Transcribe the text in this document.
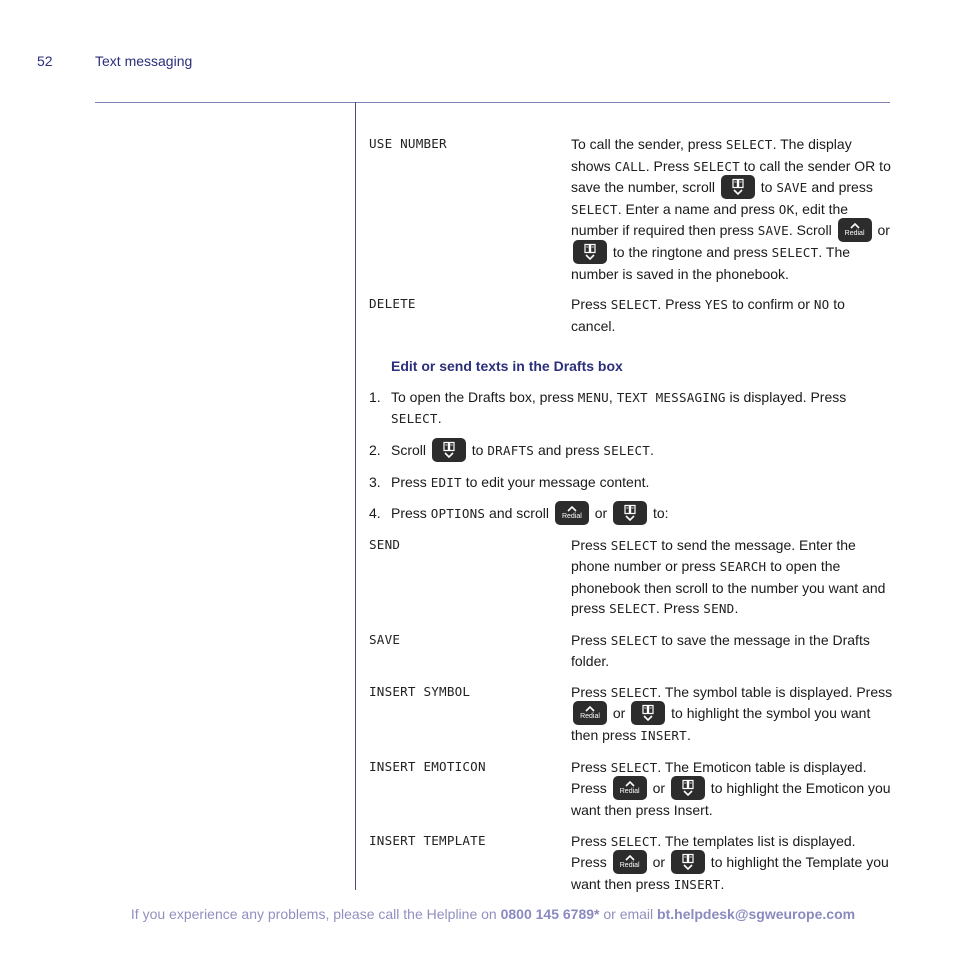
52	Text messaging
USE NUMBER	To call the sender, press SELECT. The display shows CALL. Press SELECT to call the sender OR to save the number, scroll	to SAVE and press SELECT. Enter a name and press OK, edit the number if required then press SAVE. Scroll Redial or
to the ringtone and press SELECT. The number is saved in the phonebook.
DELETE	Press SELECT. Press YES to confirm or NO to cancel.
Edit or send texts in the Drafts box
1. To open the Drafts box, press MENU, TEXT MESSAGING is displayed. Press SELECT.
2. Scroll	to DRAFTS and press SELECT.
3. Press EDIT to edit your message content.
4. Press OPTIONS and scroll Redial or	to:
SEND	Press SELECT to send the message. Enter the phone number or press SEARCH to open the phonebook then scroll to the number you want and press SELECT. Press SEND.
SAVE	Press SELECT to save the message in the Drafts folder.
INSERT SYMBOL	Press SELECT. The symbol table is displayed. Press
Redial or	to highlight the symbol you want then press INSERT.
INSERT EMOTICON	Press SELECT. The Emoticon table is displayed. Press Redial or	to highlight the Emoticon you want then press Insert.
INSERT TEMPLATE	Press SELECT. The templates list is displayed. Press Redial or	to highlight the Template you want then press INSERT.
If you experience any problems, please call the Helpline on 0800 145 6789* or email bt.helpdesk@sgweurope.com
